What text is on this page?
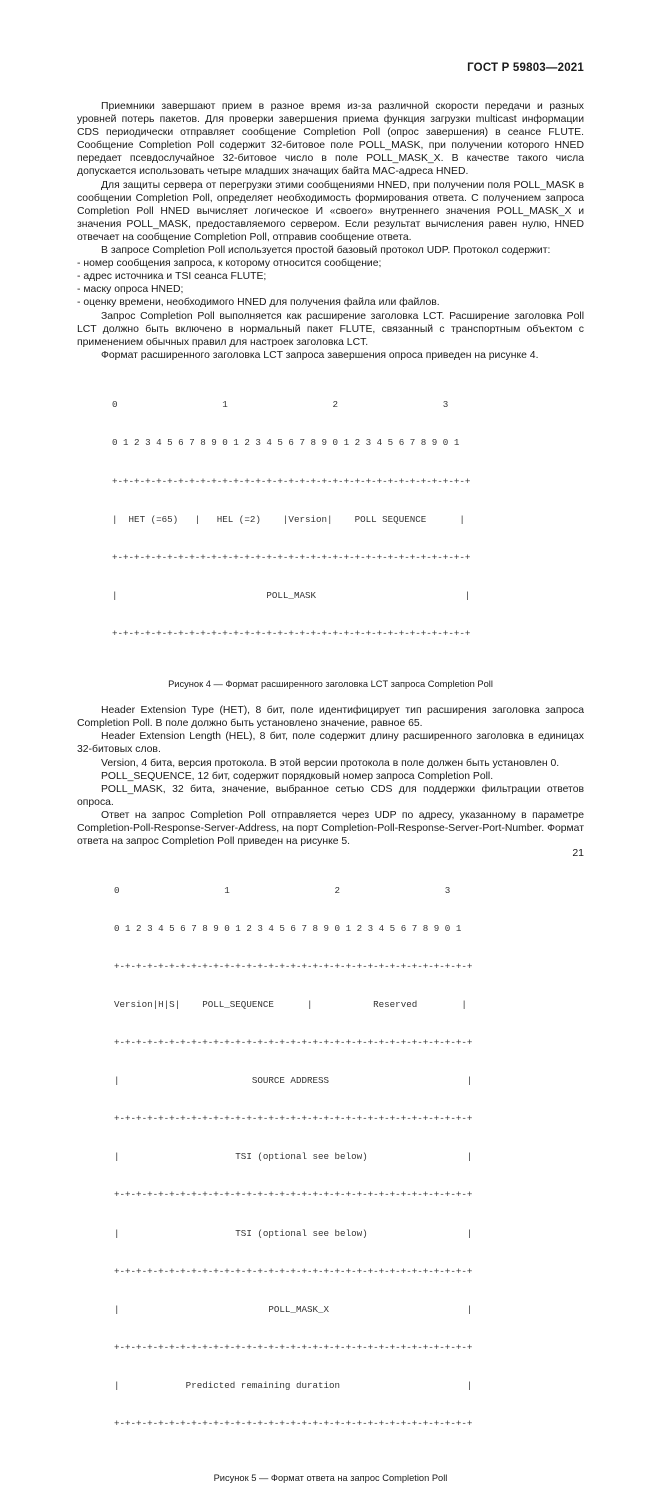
ГОСТ Р 59803—2021
Приемники завершают прием в разное время из-за различной скорости передачи и разных уровней потерь пакетов. Для проверки завершения приема функция загрузки multicast информации CDS периодически отправляет сообщение Completion Poll (опрос завершения) в сеансе FLUTE. Сообщение Completion Poll содержит 32-битовое поле POLL_MASK, при получении которого HNED передает псевдослучайное 32-битовое число в поле POLL_MASK_X. В качестве такого числа допускается использовать четыре младших значащих байта MAC-адреса HNED.
Для защиты сервера от перегрузки этими сообщениями HNED, при получении поля POLL_MASK в сообщении Completion Poll, определяет необходимость формирования ответа. С получением запроса Completion Poll HNED вычисляет логическое И «своего» внутреннего значения POLL_MASK_X и значения POLL_MASK, предоставляемого сервером. Если результат вычисления равен нулю, HNED отвечает на сообщение Completion Poll, отправив сообщение ответа.
В запросе Completion Poll используется простой базовый протокол UDP. Протокол содержит:
- номер сообщения запроса, к которому относится сообщение;
- адрес источника и TSI сеанса FLUTE;
- маску опроса HNED;
- оценку времени, необходимого HNED для получения файла или файлов.
Запрос Completion Poll выполняется как расширение заголовка LCT. Расширение заголовка Poll LCT должно быть включено в нормальный пакет FLUTE, связанный с транспортным объектом с применением обычных правил для настроек заголовка LCT.
Формат расширенного заголовка LCT запроса завершения опроса приведен на рисунке 4.

0                   1                   2                   3

0 1 2 3 4 5 6 7 8 9 0 1 2 3 4 5 6 7 8 9 0 1 2 3 4 5 6 7 8 9 0 1

+-+-+-+-+-+-+-+-+-+-+-+-+-+-+-+-+-+-+-+-+-+-+-+-+-+-+-+-+-+-+-+-+

|  HET (=65)   |   HEL (=2)    |Version|    POLL SEQUENCE      |

+-+-+-+-+-+-+-+-+-+-+-+-+-+-+-+-+-+-+-+-+-+-+-+-+-+-+-+-+-+-+-+-+

|                           POLL_MASK                           |

+-+-+-+-+-+-+-+-+-+-+-+-+-+-+-+-+-+-+-+-+-+-+-+-+-+-+-+-+-+-+-+-+

Рисунок 4 — Формат расширенного заголовка LCT запроса Completion Poll
Header Extension Type (HET), 8 бит, поле идентифицирует тип расширения заголовка запроса Completion Poll. В поле должно быть установлено значение, равное 65.
Header Extension Length (HEL), 8 бит, поле содержит длину расширенного заголовка в единицах 32-битовых слов.
Version, 4 бита, версия протокола. В этой версии протокола в поле должен быть установлен 0.
POLL_SEQUENCE, 12 бит, содержит порядковый номер запроса Completion Poll.
POLL_MASK, 32 бита, значение, выбранное сетью CDS для поддержки фильтрации ответов опроса.
Ответ на запрос Completion Poll отправляется через UDP по адресу, указанному в параметре Completion-Poll-Response-Server-Address, на порт Completion-Poll-Response-Server-Port-Number. Формат ответа на запрос Completion Poll приведен на рисунке 5.

0                   1                   2                   3

0 1 2 3 4 5 6 7 8 9 0 1 2 3 4 5 6 7 8 9 0 1 2 3 4 5 6 7 8 9 0 1

+-+-+-+-+-+-+-+-+-+-+-+-+-+-+-+-+-+-+-+-+-+-+-+-+-+-+-+-+-+-+-+-+

Version|H|S|    POLL_SEQUENCE      |           Reserved        |

+-+-+-+-+-+-+-+-+-+-+-+-+-+-+-+-+-+-+-+-+-+-+-+-+-+-+-+-+-+-+-+-+

|                        SOURCE ADDRESS                         |

+-+-+-+-+-+-+-+-+-+-+-+-+-+-+-+-+-+-+-+-+-+-+-+-+-+-+-+-+-+-+-+-+

|                     TSI (optional see below)                  |

+-+-+-+-+-+-+-+-+-+-+-+-+-+-+-+-+-+-+-+-+-+-+-+-+-+-+-+-+-+-+-+-+

|                     TSI (optional see below)                  |

+-+-+-+-+-+-+-+-+-+-+-+-+-+-+-+-+-+-+-+-+-+-+-+-+-+-+-+-+-+-+-+-+

|                           POLL_MASK_X                         |

+-+-+-+-+-+-+-+-+-+-+-+-+-+-+-+-+-+-+-+-+-+-+-+-+-+-+-+-+-+-+-+-+

|            Predicted remaining duration                       |

+-+-+-+-+-+-+-+-+-+-+-+-+-+-+-+-+-+-+-+-+-+-+-+-+-+-+-+-+-+-+-+-+

Рисунок 5 — Формат ответа на запрос Completion Poll
21
